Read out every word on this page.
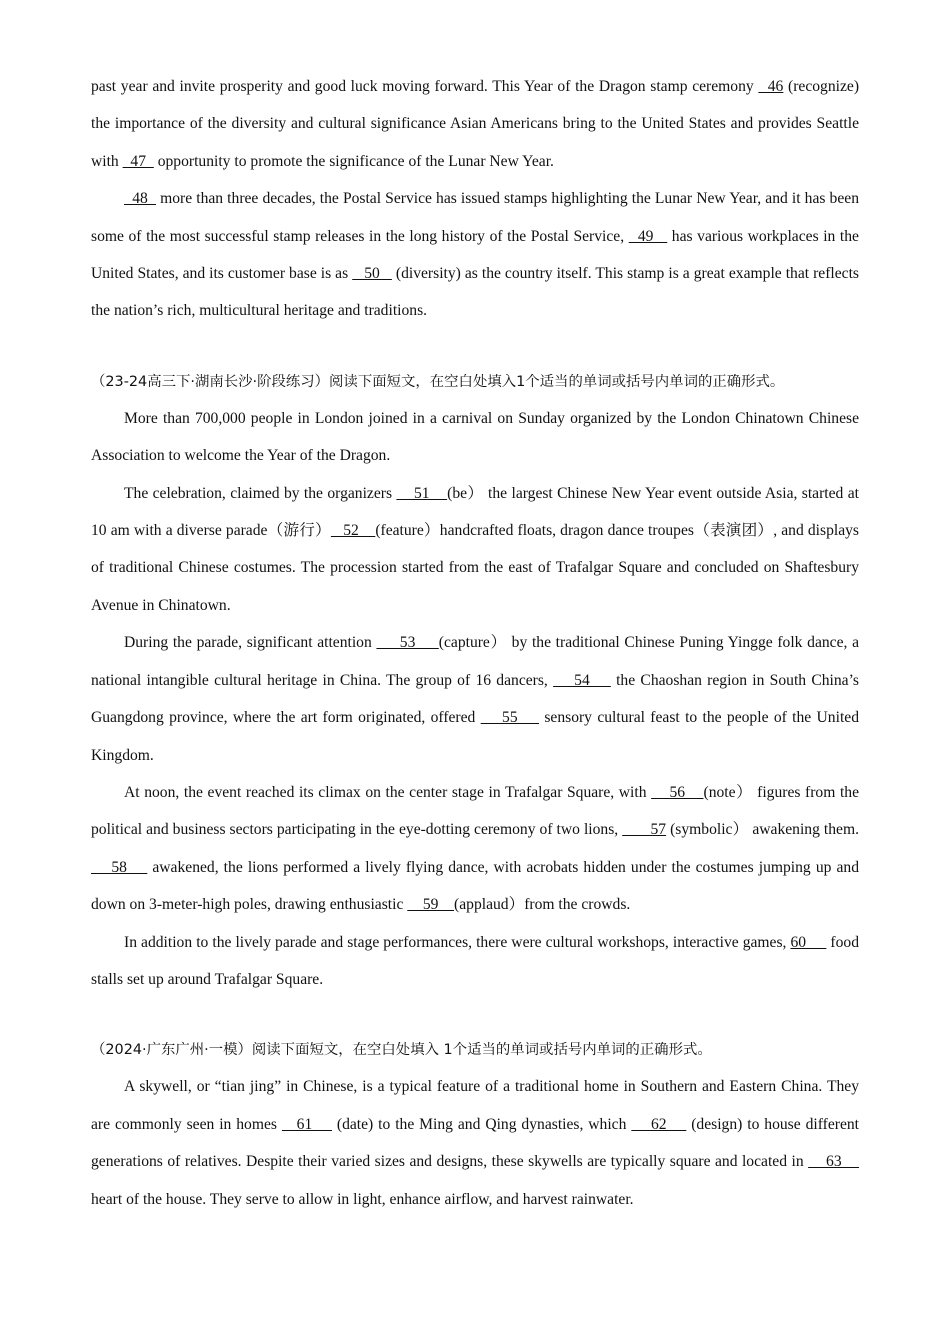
past year and invite prosperity and good luck moving forward. This Year of the Dragon stamp ceremony   46 (recognize) the importance of the diversity and cultural significance Asian Americans bring to the United States and provides Seattle with   47   opportunity to promote the significance of the Lunar New Year.

48   more than three decades, the Postal Service has issued stamps highlighting the Lunar New Year, and it has been some of the most successful stamp releases in the long history of the Postal Service,   49    has various workplaces in the United States, and its customer base is as    50    (diversity) as the country itself. This stamp is a great example that reflects the nation’s rich, multicultural heritage and traditions.

（23-24高三下·湖南长沙·阶段练习）阅读下面短文，在空白处填入1个适当的单词或括号内单词的正确形式。

More than 700,000 people in London joined in a carnival on Sunday organized by the London Chinatown Chinese Association to welcome the Year of the Dragon.

The celebration, claimed by the organizers     51    (be） the largest Chinese New Year event outside Asia, started at 10 am with a diverse parade（游行）   52    (feature）handcrafted floats, dragon dance troupes（表演团）, and displays of traditional Chinese costumes. The procession started from the east of Trafalgar Square and concluded on Shaftesbury Avenue in Chinatown.

During the parade, significant attention      53     (capture） by the traditional Chinese Puning Yingge folk dance, a national intangible cultural heritage in China. The group of 16 dancers,     54     the Chaoshan region in South China’s Guangdong province, where the art form originated, offered     55     sensory cultural feast to the people of the United Kingdom.

At noon, the event reached its climax on the center stage in Trafalgar Square, with     56    (note） figures from the political and business sectors participating in the eye-dotting ceremony of two lions,        57 (symbolic） awakening them.     58     awakened, the lions performed a lively flying dance, with acrobats hidden under the costumes jumping up and down on 3-meter-high poles, drawing enthusiastic     59    (applaud）from the crowds.

In addition to the lively parade and stage performances, there were cultural workshops, interactive games, 60      food stalls set up around Trafalgar Square.

（2024·广东广州·一模）阅读下面短文，在空白处填入 1个适当的单词或括号内单词的正确形式。

A skywell, or “tian jing” in Chinese, is a typical feature of a traditional home in Southern and Eastern China. They are commonly seen in homes    61     (date) to the Ming and Qing dynasties, which     62     (design) to house different generations of relatives. Despite their varied sizes and designs, these skywells are typically square and located in     63     heart of the house. They serve to allow in light, enhance airflow, and harvest rainwater.
